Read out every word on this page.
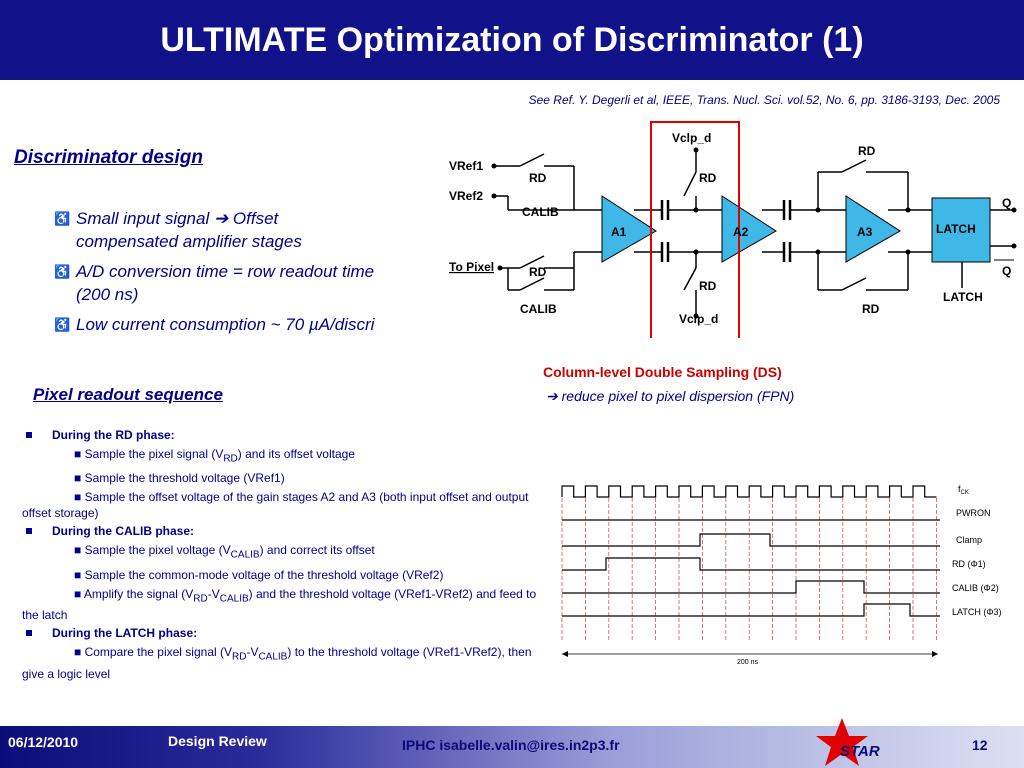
ULTIMATE Optimization of Discriminator (1)
See Ref. Y. Degerli et al, IEEE, Trans. Nucl. Sci. vol.52, No. 6, pp. 3186-3193, Dec. 2005
Discriminator design
♿ Small input signal ➔ Offset
compensated amplifier stages
♿ A/D conversion time = row readout time
(200 ns)
♿ Low current consumption ~ 70 µA/discri
VRef1
VRef2
To Pixel
RD
CALIB
RD
CALIB
Vclp_d
RD
RD
Vclp_d
RD
RD
A1	A2	A3	LATCH
LATCH
Q
Q
Column-level Double Sampling (DS)
➔ reduce pixel to pixel dispersion (FPN)
Pixel readout sequence
During the RD phase:
■ Sample the pixel signal $(V_{RD})$ and its offset voltage
■ Sample the threshold voltage (VRef1)
■ Sample the offset voltage of the gain stages A2 and A3 (both input offset and output offset storage)
During the CALIB phase:
■ Sample the pixel voltage $(V_{CALIB})$ and correct its offset
■ Sample the common-mode voltage of the threshold voltage (VRef2)
■ Amplify the signal $(V_{RD}-V_{CALIB})$ and the threshold voltage (VRef1-VRef2) and feed to the latch
During the LATCH phase:
■ Compare the pixel signal $(V_{RD}-V_{CALIB})$ to the threshold voltage (VRef1-VRef2), then give a logic level
$f_{CK}$
PWRON
Clamp
RD (Φ1)
CALIB (Φ2)
LATCH (Φ3)
200 ns
06/12/2010	Design Review	IPHC isabelle.valin@ires.in2p3.fr	STAR	12
